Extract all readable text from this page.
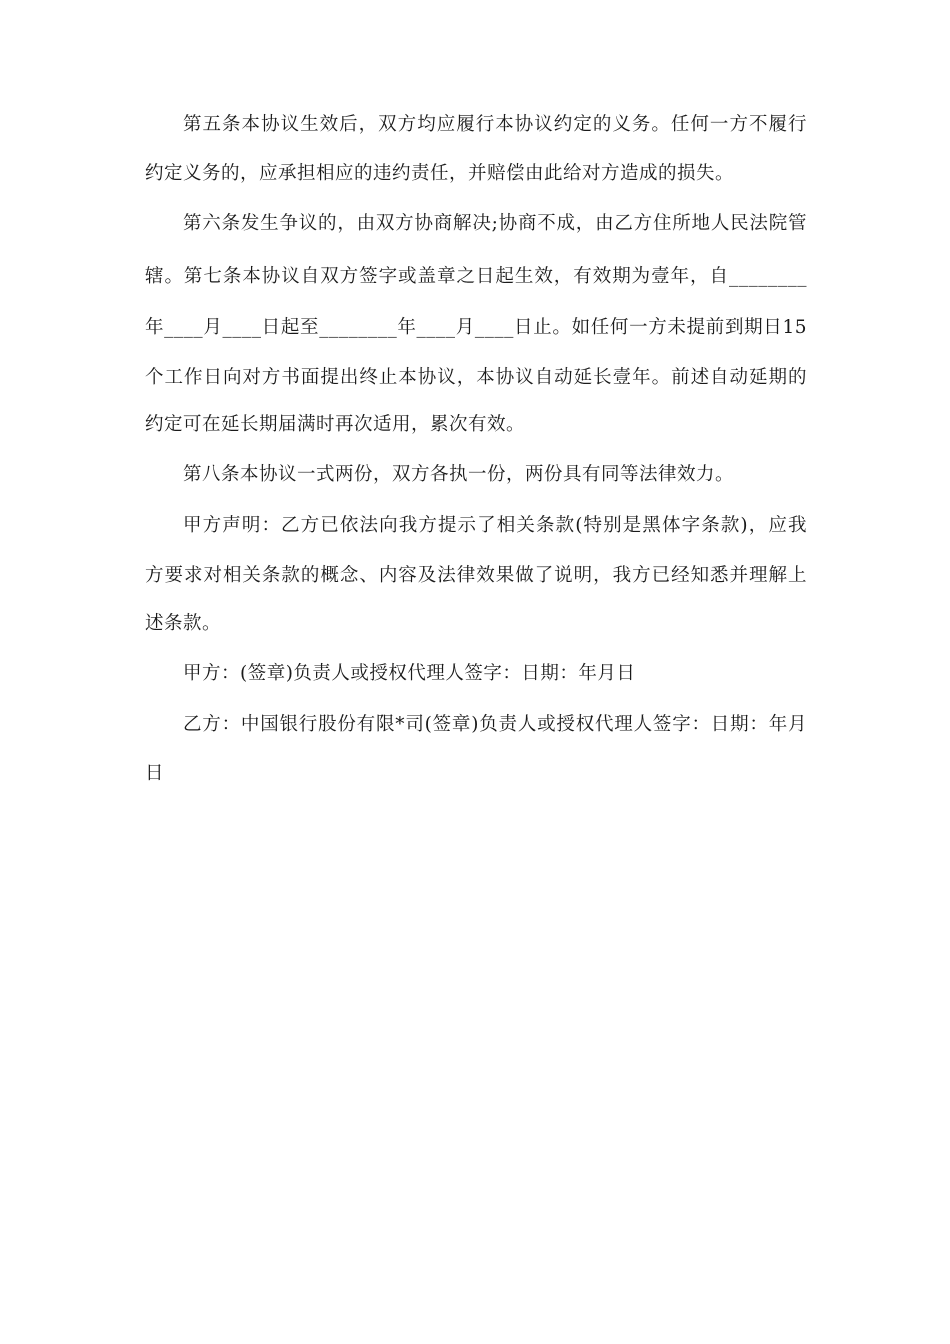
第五条本协议生效后，双方均应履行本协议约定的义务。任何一方不履行
约定义务的，应承担相应的违约责任，并赔偿由此给对方造成的损失。
第六条发生争议的，由双方协商解决;协商不成，由乙方住所地人民法院管
辖。第七条本协议自双方签字或盖章之日起生效，有效期为壹年，自________
年____月____日起至________年____月____日止。如任何一方未提前到期日15
个工作日向对方书面提出终止本协议，本协议自动延长壹年。前述自动延期的
约定可在延长期届满时再次适用，累次有效。
第八条本协议一式两份，双方各执一份，两份具有同等法律效力。
甲方声明：乙方已依法向我方提示了相关条款(特别是黑体字条款)，应我
方要求对相关条款的概念、内容及法律效果做了说明，我方已经知悉并理解上
述条款。
甲方：(签章)负责人或授权代理人签字：日期：年月日
乙方：中国银行股份有限*司(签章)负责人或授权代理人签字：日期：年月
日
